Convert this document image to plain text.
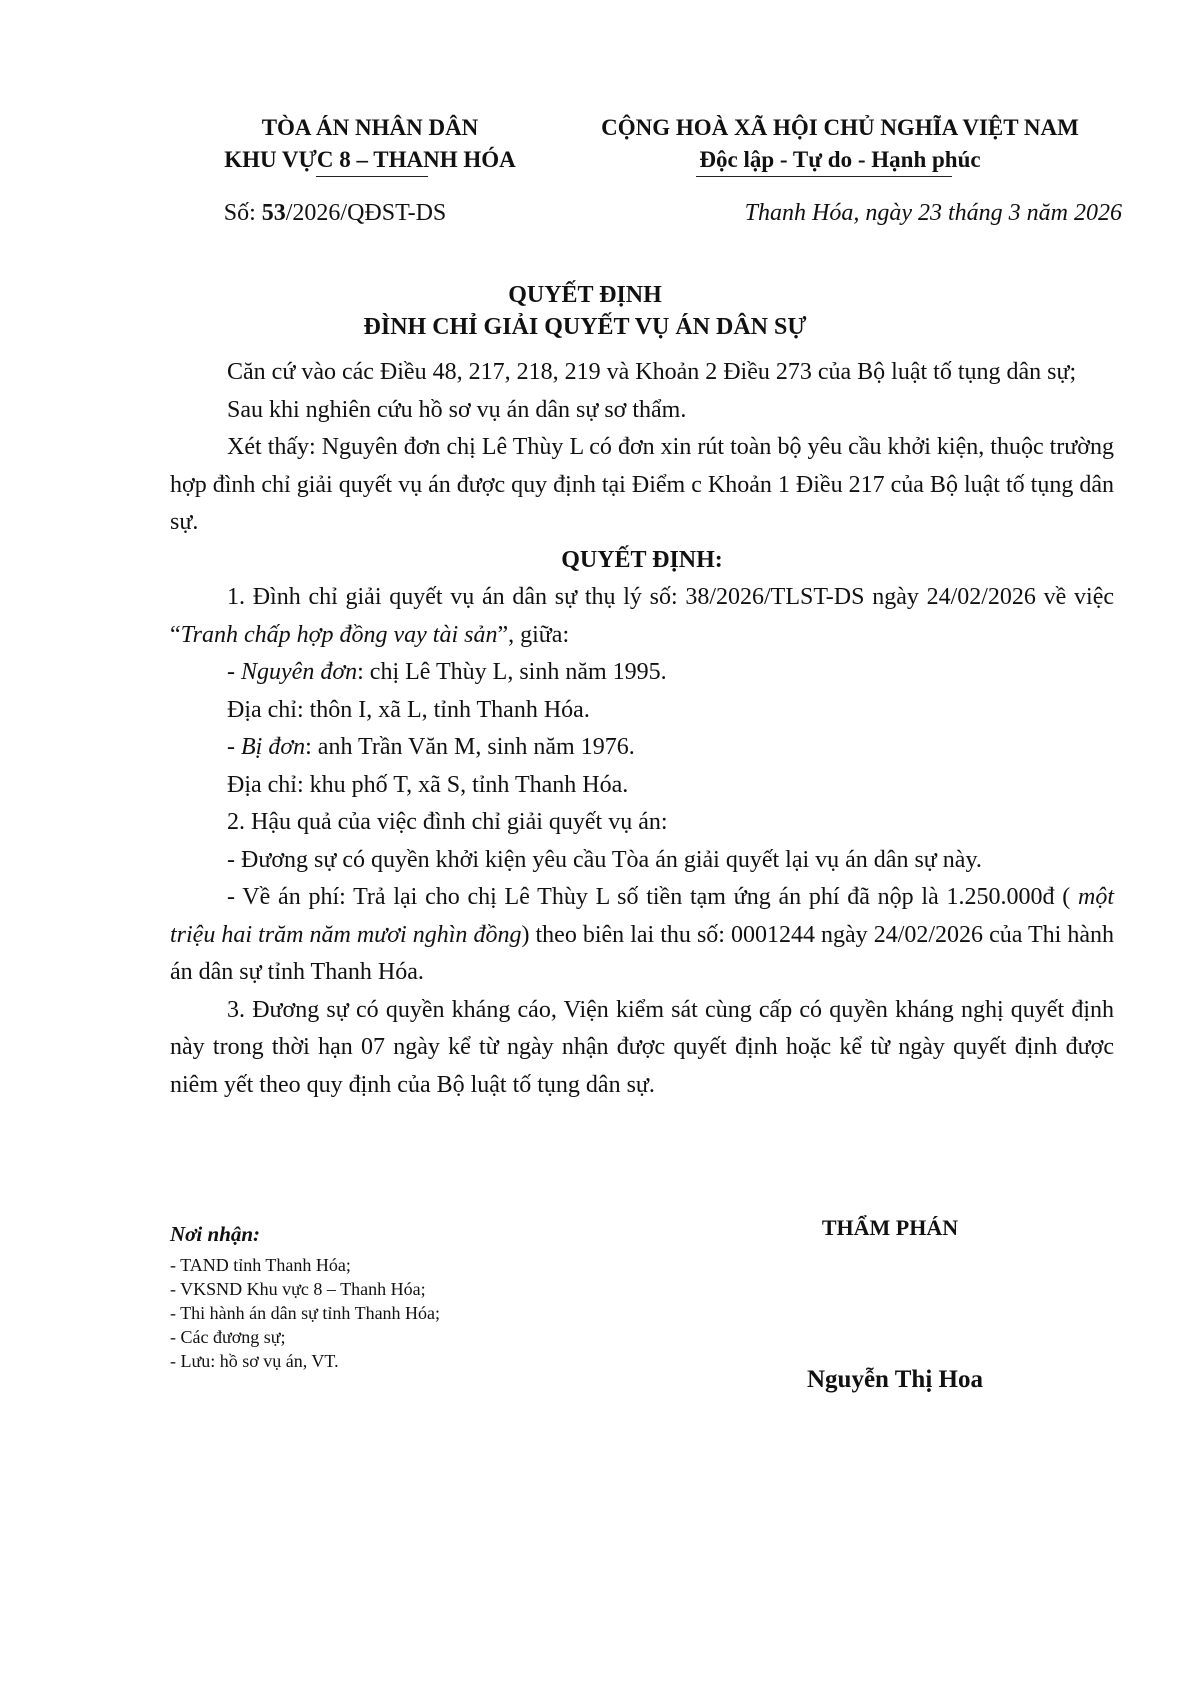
TÒA ÁN NHÂN DÂN
KHU VỰC 8 – THANH HÓA
CỘNG HOÀ XÃ HỘI CHỦ NGHĨA VIỆT NAM
Độc lập - Tự do - Hạnh phúc
Số: 53/2026/QĐST-DS	Thanh Hóa, ngày 23 tháng 3 năm 2026
QUYẾT ĐỊNH
ĐÌNH CHỈ GIẢI QUYẾT VỤ ÁN DÂN SỰ

Căn cứ vào các Điều 48, 217, 218, 219 và Khoản 2 Điều 273 của Bộ luật tố tụng dân sự;

Sau khi nghiên cứu hồ sơ vụ án dân sự sơ thẩm.

Xét thấy: Nguyên đơn chị Lê Thùy L có đơn xin rút toàn bộ yêu cầu khởi kiện, thuộc trường hợp đình chỉ giải quyết vụ án được quy định tại Điểm c Khoản 1 Điều 217 của Bộ luật tố tụng dân sự.

QUYẾT ĐỊNH:

1. Đình chỉ giải quyết vụ án dân sự thụ lý số: 38/2026/TLST-DS ngày 24/02/2026 về việc “Tranh chấp hợp đồng vay tài sản”, giữa:

- Nguyên đơn: chị Lê Thùy L, sinh năm 1995.

Địa chỉ: thôn I, xã L, tỉnh Thanh Hóa.

- Bị đơn: anh Trần Văn M, sinh năm 1976.

Địa chỉ: khu phố T, xã S, tỉnh Thanh Hóa.

2. Hậu quả của việc đình chỉ giải quyết vụ án:

- Đương sự có quyền khởi kiện yêu cầu Tòa án giải quyết lại vụ án dân sự này.

- Về án phí: Trả lại cho chị Lê Thùy L số tiền tạm ứng án phí đã nộp là 1.250.000đ ( một triệu hai trăm năm mươi nghìn đồng) theo biên lai thu số: 0001244 ngày 24/02/2026 của Thi hành án dân sự tỉnh Thanh Hóa.

3. Đương sự có quyền kháng cáo, Viện kiểm sát cùng cấp có quyền kháng nghị quyết định này trong thời hạn 07 ngày kể từ ngày nhận được quyết định hoặc kể từ ngày quyết định được niêm yết theo quy định của Bộ luật tố tụng dân sự.

Nơi nhận:
- TAND tỉnh Thanh Hóa;
- VKSND Khu vực 8 – Thanh Hóa;
- Thi hành án dân sự tỉnh Thanh Hóa;
- Các đương sự;
- Lưu: hồ sơ vụ án, VT.
THẨM PHÁN
Nguyễn Thị Hoa
